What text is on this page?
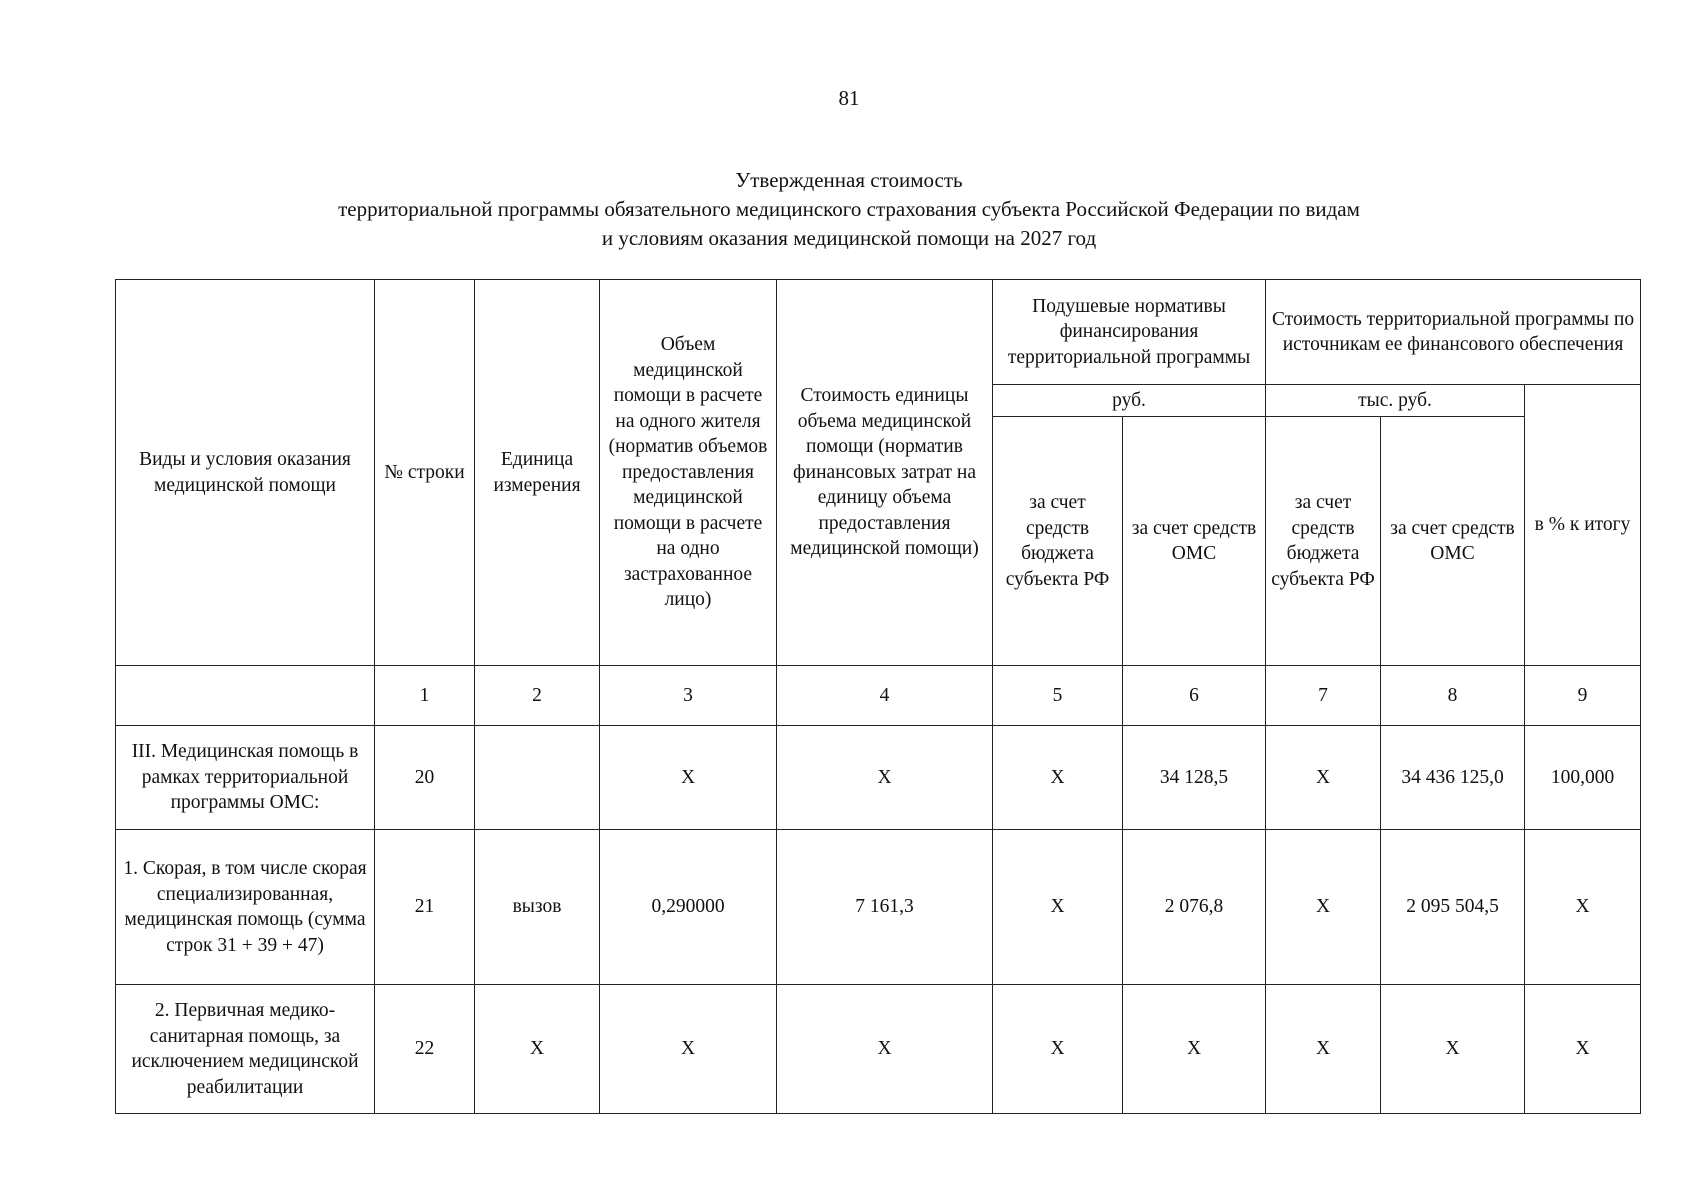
81
Утвержденная стоимость
территориальной программы обязательного медицинского страхования субъекта Российской Федерации по видам
и условиям оказания медицинской помощи на 2027 год
Виды и условия оказания медицинской помощи	№ строки	Единица измерения	Объем медицинской помощи в расчете на одного жителя (норматив объемов предоставления медицинской помощи в расчете на одно застрахованное лицо)	Стоимость единицы объема медицинской помощи (норматив финансовых затрат на единицу объема предоставления медицинской помощи)	Подушевые нормативы финансирования территориальной программы		Стоимость территориальной программы по источникам ее финансового обеспечения		
					руб.		тыс. руб.		в % к итогу
					за счет средств бюджета субъекта РФ	за счет средств ОМС	за счет средств бюджета субъекта РФ	за счет средств ОМС	
	1	2	3	4	5	6	7	8	9
III. Медицинская помощь в рамках территориальной программы ОМС:	20		Х	Х	Х	34 128,5	Х	34 436 125,0	100,000
1. Скорая, в том числе скорая специализированная, медицинская помощь (сумма строк 31 + 39 + 47)	21	вызов	0,290000	7 161,3	Х	2 076,8	Х	2 095 504,5	Х
2. Первичная медико-санитарная помощь, за исключением медицинской реабилитации	22	Х	Х	Х	Х	Х	Х	Х	Х
